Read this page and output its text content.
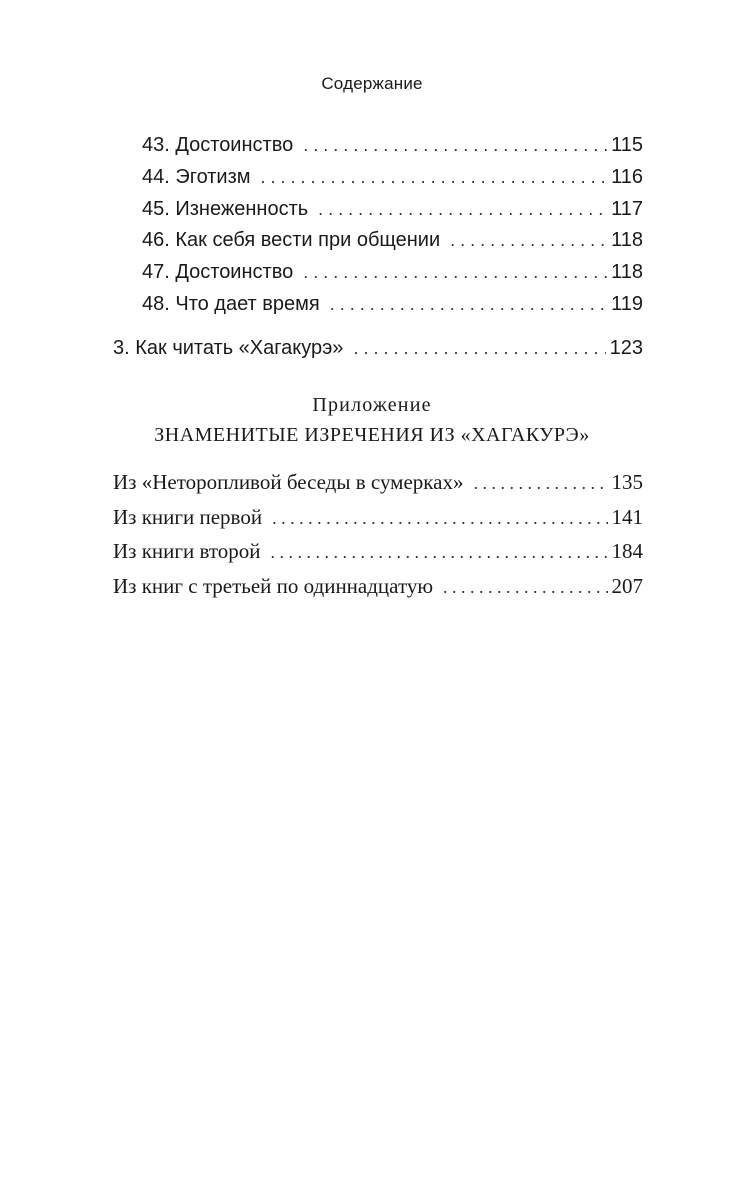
Содержание
43. Достоинство . . .	115
44. Эготизм . . .	116
45. Изнеженность . . .	117
46. Как себя вести при общении . . .	118
47. Достоинство . . .	118
48. Что дает время . . .	119
3. Как читать «Хагакурэ» . . .	123
Приложение
ЗНАМЕНИТЫЕ ИЗРЕЧЕНИЯ ИЗ «ХАГАКУРЭ»
Из «Неторопливой беседы в сумерках» . . .	135
Из книги первой . . .	141
Из книги второй . . .	184
Из книг с третьей по одиннадцатую . . .	207
